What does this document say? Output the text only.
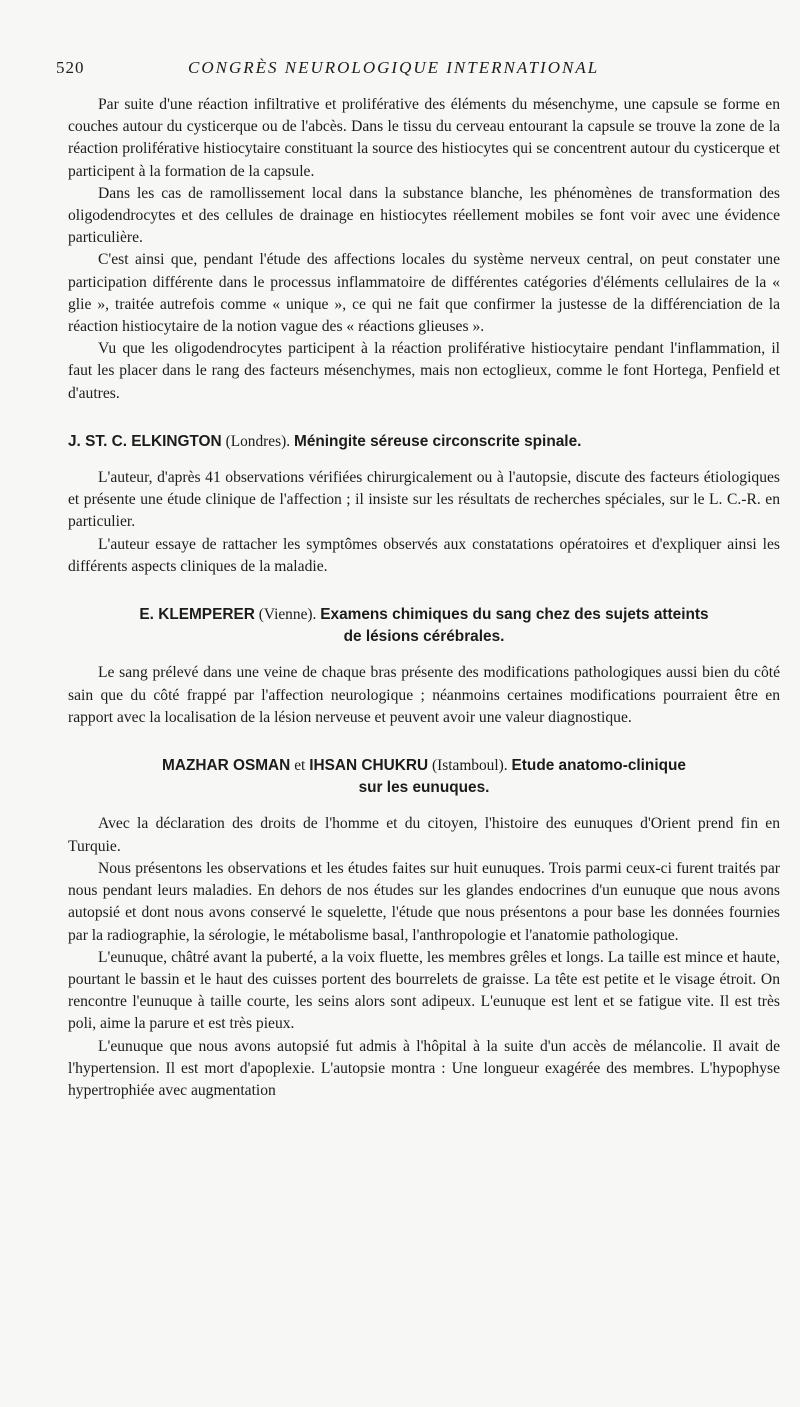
520	CONGRÈS NEUROLOGIQUE INTERNATIONAL

Par suite d'une réaction infiltrative et proliférative des éléments du mésenchyme, une capsule se forme en couches autour du cysticerque ou de l'abcès. Dans le tissu du cerveau entourant la capsule se trouve la zone de la réaction proliférative histiocytaire constituant la source des histiocytes qui se concentrent autour du cysticerque et participent à la formation de la capsule.

Dans les cas de ramollissement local dans la substance blanche, les phénomènes de transformation des oligodendrocytes et des cellules de drainage en histiocytes réellement mobiles se font voir avec une évidence particulière.

C'est ainsi que, pendant l'étude des affections locales du système nerveux central, on peut constater une participation différente dans le processus inflammatoire de différentes catégories d'éléments cellulaires de la « glie », traitée autrefois comme « unique », ce qui ne fait que confirmer la justesse de la différenciation de la réaction histiocytaire de la notion vague des « réactions glieuses ».

Vu que les oligodendrocytes participent à la réaction proliférative histiocytaire pendant l'inflammation, il faut les placer dans le rang des facteurs mésenchymes, mais non ectoglieux, comme le font Hortega, Penfield et d'autres.

J. ST. C. ELKINGTON (Londres). Méningite séreuse circonscrite spinale.

L'auteur, d'après 41 observations vérifiées chirurgicalement ou à l'autopsie, discute des facteurs étiologiques et présente une étude clinique de l'affection ; il insiste sur les résultats de recherches spéciales, sur le L. C.-R. en particulier.

L'auteur essaye de rattacher les symptômes observés aux constatations opératoires et d'expliquer ainsi les différents aspects cliniques de la maladie.

E. KLEMPERER (Vienne). Examens chimiques du sang chez des sujets atteints
de lésions cérébrales.

Le sang prélevé dans une veine de chaque bras présente des modifications pathologiques aussi bien du côté sain que du côté frappé par l'affection neurologique ; néanmoins certaines modifications pourraient être en rapport avec la localisation de la lésion nerveuse et peuvent avoir une valeur diagnostique.

MAZHAR OSMAN et IHSAN CHUKRU (Istamboul). Etude anatomo-clinique
sur les eunuques.

Avec la déclaration des droits de l'homme et du citoyen, l'histoire des eunuques d'Orient prend fin en Turquie.

Nous présentons les observations et les études faites sur huit eunuques. Trois parmi ceux-ci furent traités par nous pendant leurs maladies. En dehors de nos études sur les glandes endocrines d'un eunuque que nous avons autopsié et dont nous avons conservé le squelette, l'étude que nous présentons a pour base les données fournies par la radiographie, la sérologie, le métabolisme basal, l'anthropologie et l'anatomie pathologique.

L'eunuque, châtré avant la puberté, a la voix fluette, les membres grêles et longs. La taille est mince et haute, pourtant le bassin et le haut des cuisses portent des bourrelets de graisse. La tête est petite et le visage étroit. On rencontre l'eunuque à taille courte, les seins alors sont adipeux. L'eunuque est lent et se fatigue vite. Il est très poli, aime la parure et est très pieux.

L'eunuque que nous avons autopsié fut admis à l'hôpital à la suite d'un accès de mélancolie. Il avait de l'hypertension. Il est mort d'apoplexie. L'autopsie montra : Une longueur exagérée des membres. L'hypophyse hypertrophiée avec augmentation
